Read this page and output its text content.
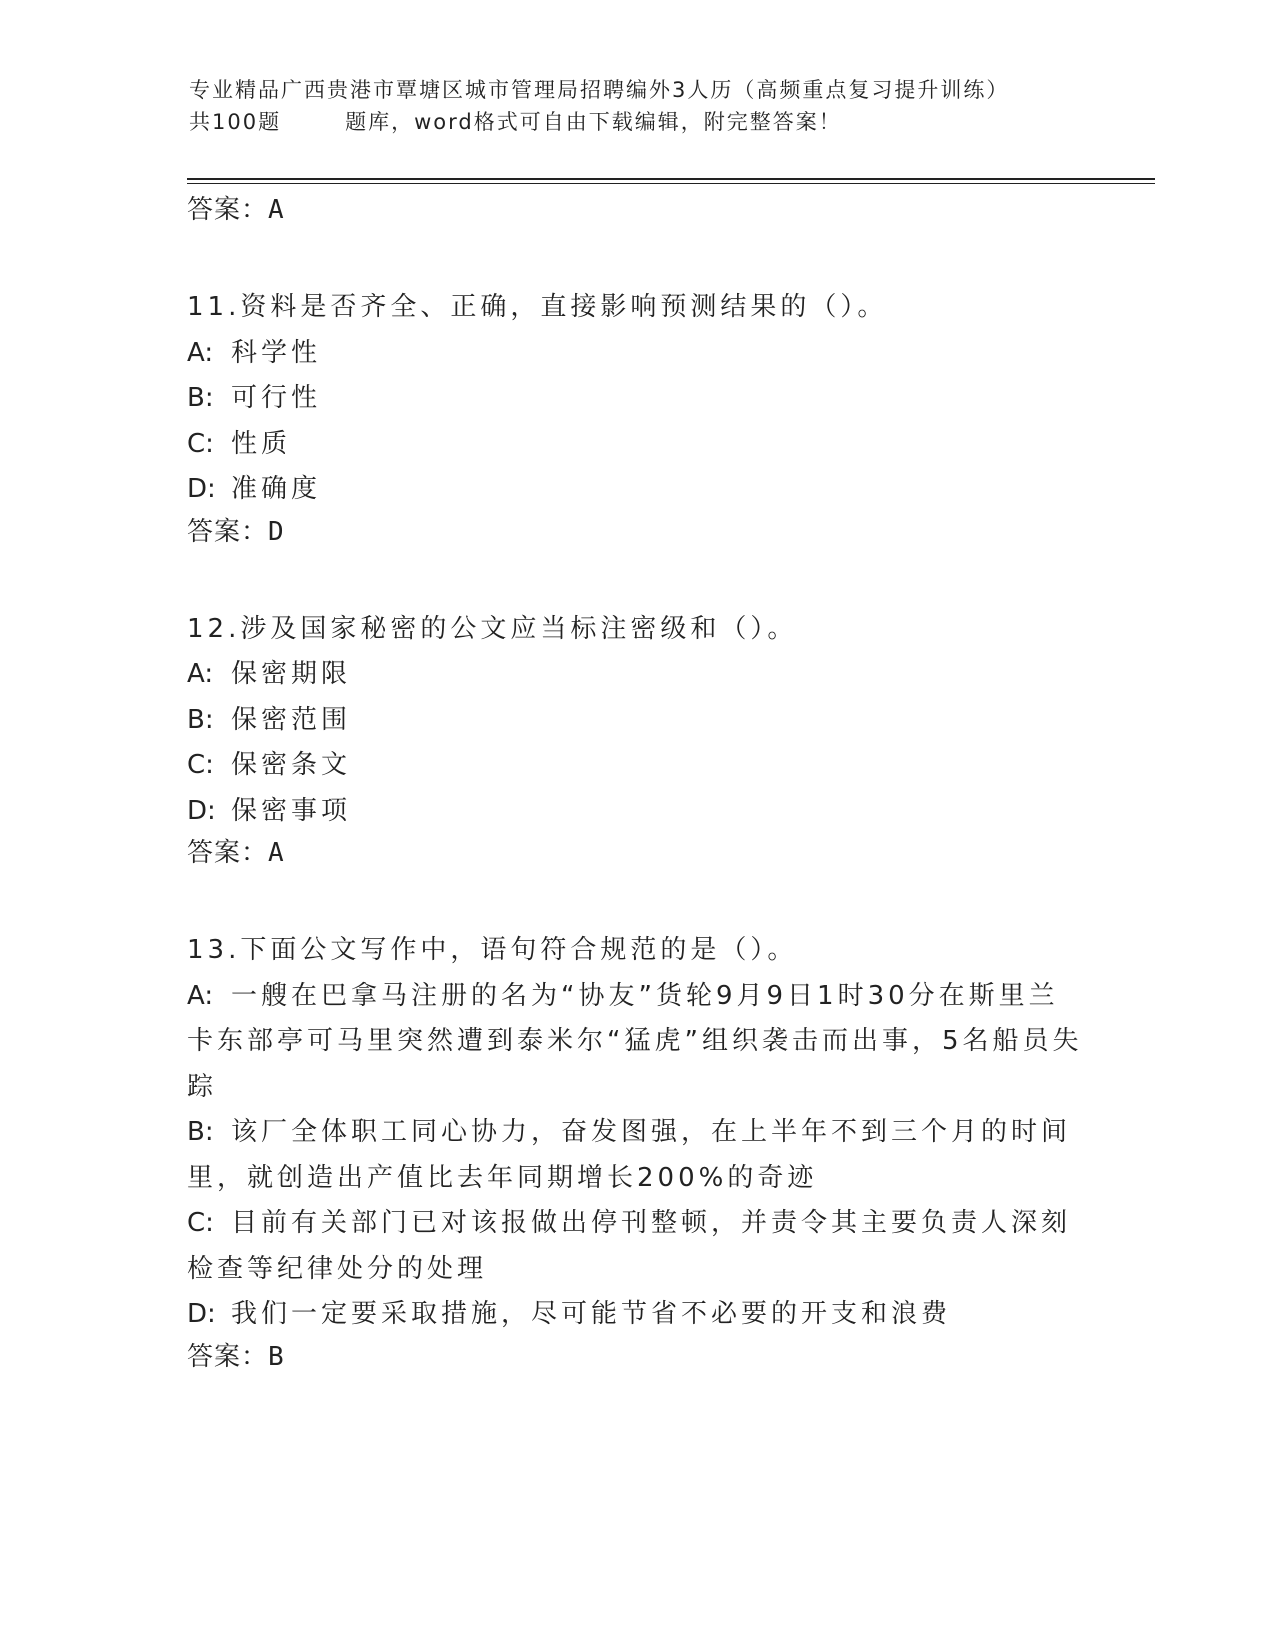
专业精品广西贵港市覃塘区城市管理局招聘编外3人历（高频重点复习提升训练）
共100题	题库，word格式可自由下载编辑，附完整答案！
答案：A

11.资料是否齐全、正确，直接影响预测结果的（）。

A: 科学性

B: 可行性

C: 性质

D: 准确度

答案：D

12.涉及国家秘密的公文应当标注密级和（）。

A: 保密期限

B: 保密范围

C: 保密条文

D: 保密事项

答案：A

13.下面公文写作中，语句符合规范的是（）。

A: 一艘在巴拿马注册的名为“协友”货轮9月9日1时30分在斯里兰卡东部亭可马里突然遭到泰米尔“猛虎”组织袭击而出事，5名船员失踪

B: 该厂全体职工同心协力，奋发图强，在上半年不到三个月的时间里，就创造出产值比去年同期增长200%的奇迹

C: 目前有关部门已对该报做出停刊整顿，并责令其主要负责人深刻检查等纪律处分的处理

D: 我们一定要采取措施，尽可能节省不必要的开支和浪费

答案：B
